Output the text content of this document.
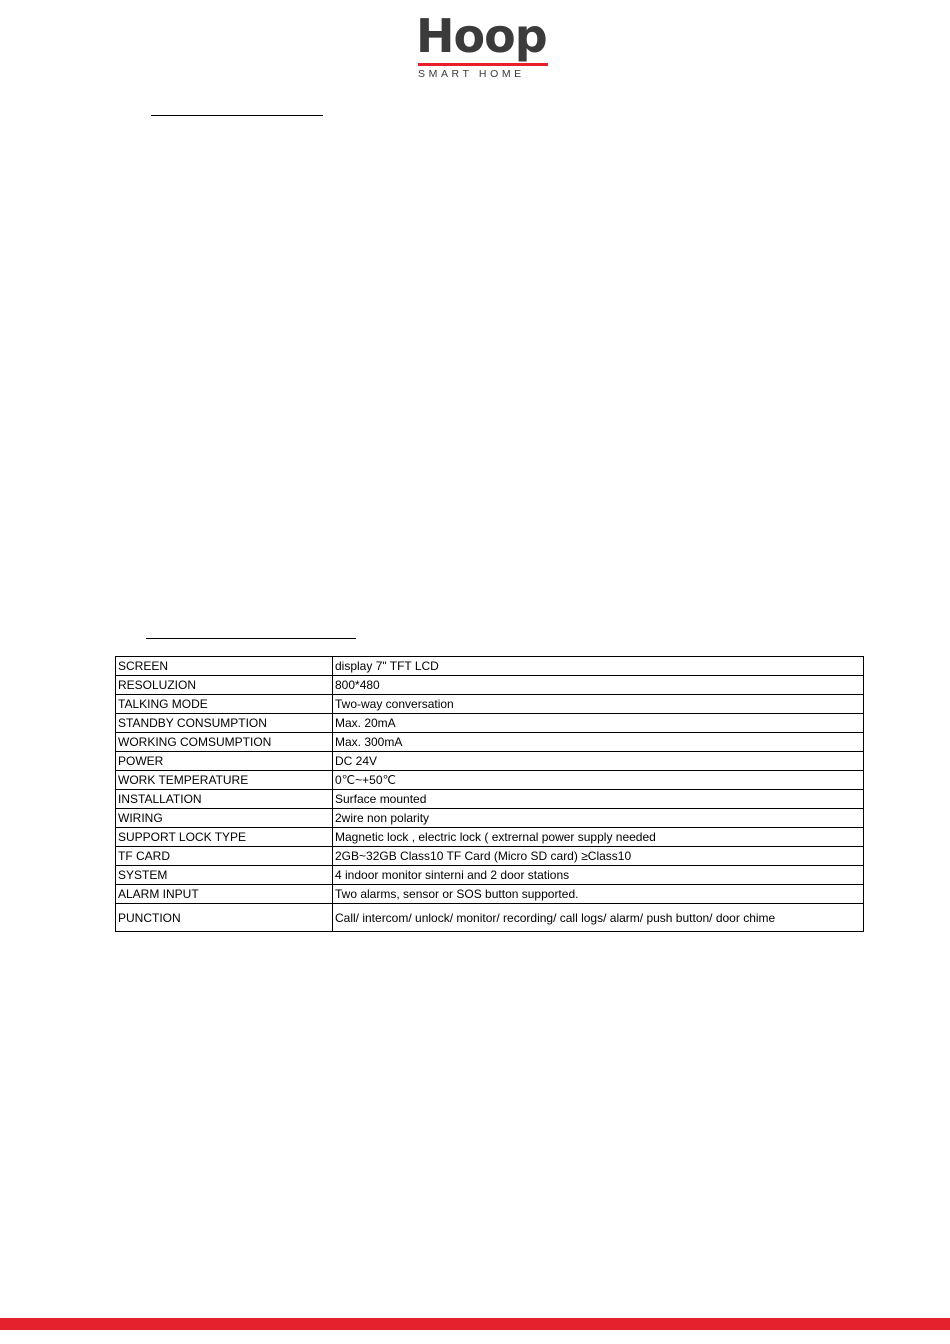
Hoop
SMART HOME
SCREEN	display 7" TFT LCD
RESOLUZION	800*480
TALKING MODE	Two-way conversation
STANDBY CONSUMPTION	Max. 20mA
WORKING COMSUMPTION	Max. 300mA
POWER	DC 24V
WORK TEMPERATURE	0℃~+50℃
INSTALLATION	Surface mounted
WIRING	2wire non polarity
SUPPORT LOCK TYPE	Magnetic lock , electric lock ( extrernal power supply needed
TF CARD	2GB~32GB Class10 TF Card (Micro SD card) ≥Class10
SYSTEM	4 indoor monitor sinterni and 2 door stations
ALARM INPUT	Two alarms, sensor or SOS button supported.
PUNCTION	Call/ intercom/ unlock/ monitor/ recording/ call logs/ alarm/ push button/ door chime
